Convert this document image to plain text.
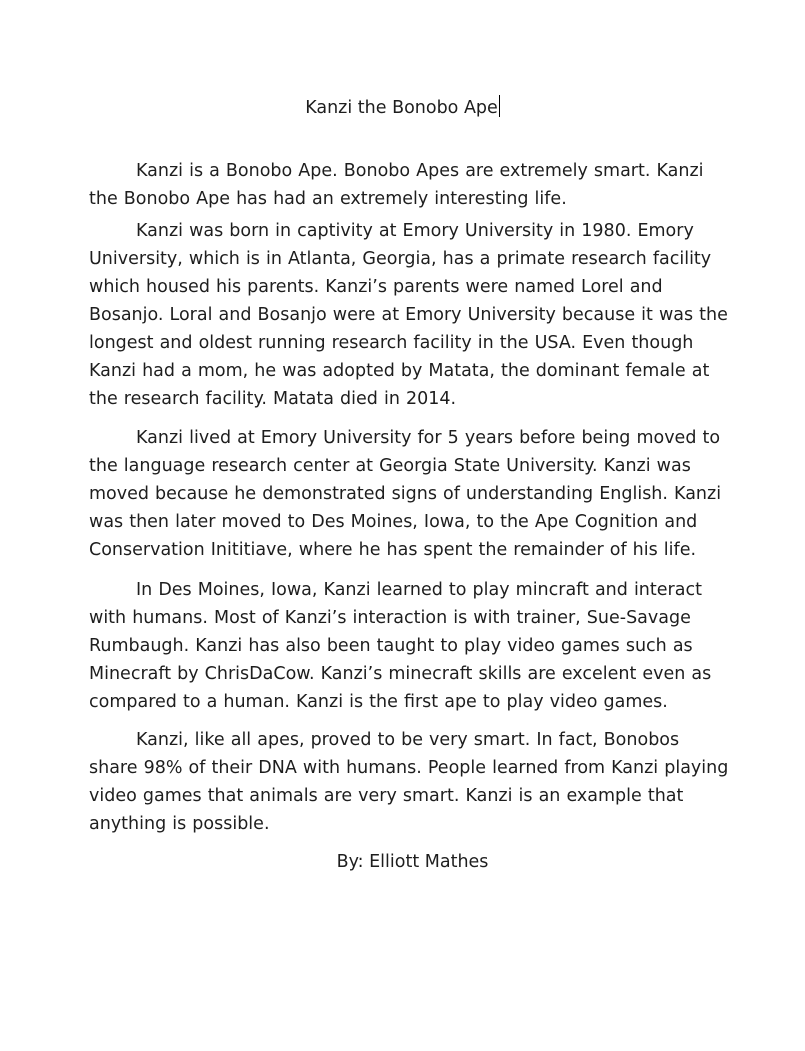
Kanzi the Bonobo Ape

Kanzi is a Bonobo Ape. Bonobo Apes are extremely smart. Kanzi the Bonobo Ape has had an extremely interesting life.

Kanzi was born in captivity at Emory University in 1980. Emory University, which is in Atlanta, Georgia, has a primate research facility which housed his parents. Kanzi’s parents were named Lorel and Bosanjo. Loral and Bosanjo were at Emory University because it was the longest and oldest running research facility in the USA. Even though Kanzi had a mom, he was adopted by Matata, the dominant female at the research facility. Matata died in 2014.

Kanzi lived at Emory University for 5 years before being moved to the language research center at Georgia State University. Kanzi was moved because he demonstrated signs of understanding English. Kanzi was then later moved to Des Moines, Iowa, to the Ape Cognition and Conservation Inititiave, where he has spent the remainder of his life.

In Des Moines, Iowa, Kanzi learned to play mincraft and interact with humans. Most of Kanzi’s interaction is with trainer, Sue-Savage Rumbaugh. Kanzi has also been taught to play video games such as Minecraft by ChrisDaCow. Kanzi’s minecraft skills are excelent even as compared to a human. Kanzi is the first ape to play video games.

Kanzi, like all apes, proved to be very smart. In fact, Bonobos share 98% of their DNA with humans. People learned from Kanzi playing video games that animals are very smart. Kanzi is an example that anything is possible.

By: Elliott Mathes
